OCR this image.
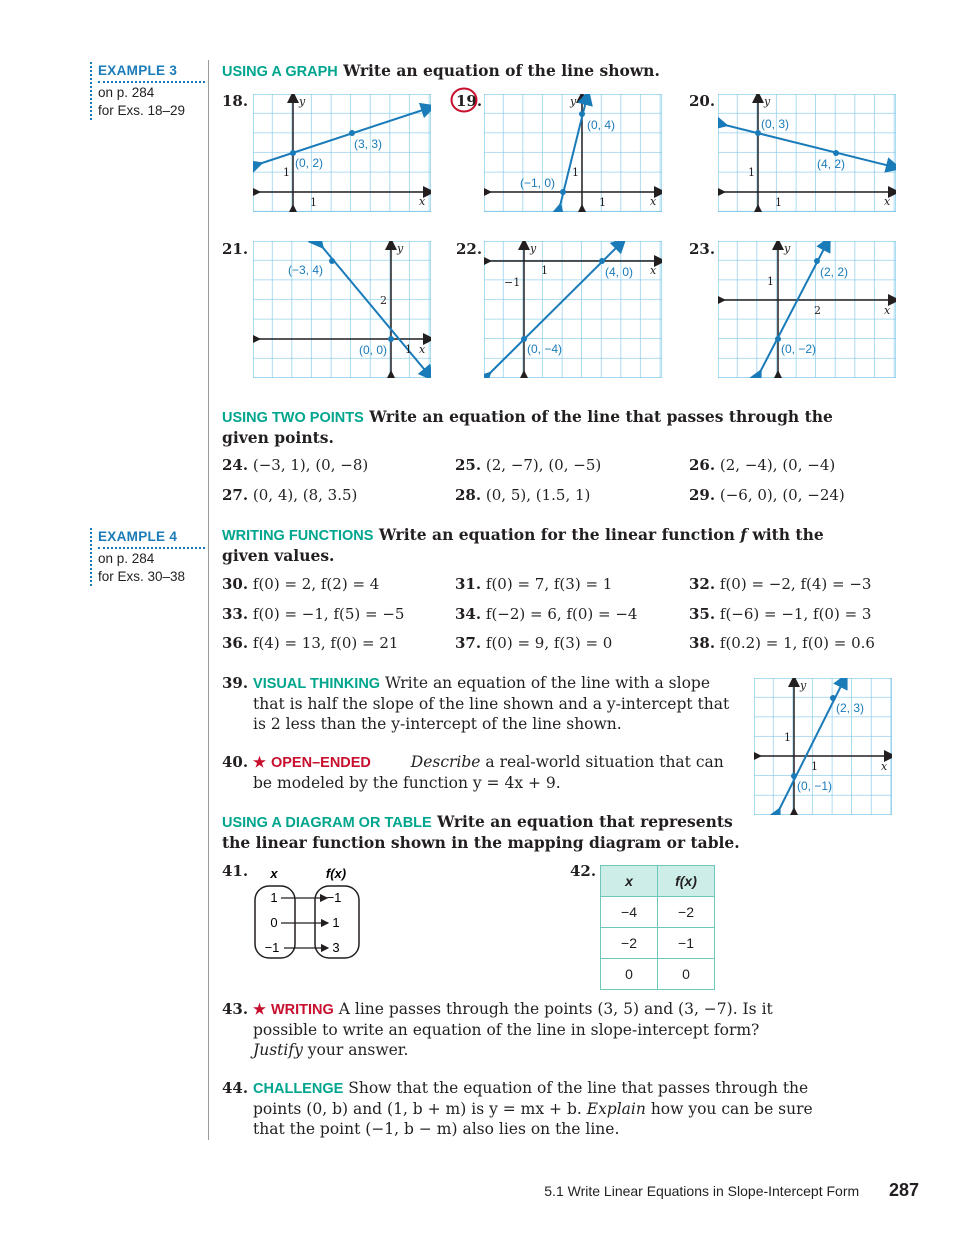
EXAMPLE 3
on p. 284
for Exs. 18–29
EXAMPLE 4
on p. 284
for Exs. 30–38
USING A GRAPH Write an equation of the line shown.
18.	19.	20.
21.	22.	23.
(3, 3)
(0, 2)
1
1
y
x
(0, 4)
(−1, 0)
1
1
y
x
(0, 3)
(4, 2)
1
1
y
x
(−3, 4)
(0, 0)
2
1
y
x
(4, 0)
(0, −4)
−1
1
y
x	(2, 2)
(0, −2)
1
2
y
x
USING TWO POINTS Write an equation of the line that passes through the
given points.
24. (−3, 1), (0, −8)	25. (2, −7), (0, −5)	26. (2, −4), (0, −4)
27. (0, 4), (8, 3.5)	28. (0, 5), (1.5, 1)	29. (−6, 0), (0, −24)
WRITING FUNCTIONS Write an equation for the linear function f with the
given values.
30. f(0) = 2, f(2) = 4	31. f(0) = 7, f(3) = 1	32. f(0) = −2, f(4) = −3
33. f(0) = −1, f(5) = −5	34. f(−2) = 6, f(0) = −4	35. f(−6) = −1, f(0) = 3
36. f(4) = 13, f(0) = 21	37. f(0) = 9, f(3) = 0	38. f(0.2) = 1, f(0) = 0.6
39. VISUAL THINKING Write an equation of the line with a slope
that is half the slope of the line shown and a y-intercept that
is 2 less than the y-intercept of the line shown.
(2, 3)
(0, −1)
1
1
y
x
40. ★ OPEN–ENDED	Describe a real-world situation that can
be modeled by the function y = 4x + 9.
USING A DIAGRAM OR TABLE Write an equation that represents
the linear function shown in the mapping diagram or table.
41. x	f(x)
1
0
−1
−1
1
3
42.
x	f(x)
−4	−2
−2	−1
0	0
43. ★ WRITING A line passes through the points (3, 5) and (3, −7). Is it
possible to write an equation of the line in slope-intercept form?
Justify your answer.
44. CHALLENGE Show that the equation of the line that passes through the
points (0, b) and (1, b + m) is y = mx + b. Explain how you can be sure
that the point (−1, b − m) also lies on the line.
5.1 Write Linear Equations in Slope-Intercept Form 287
